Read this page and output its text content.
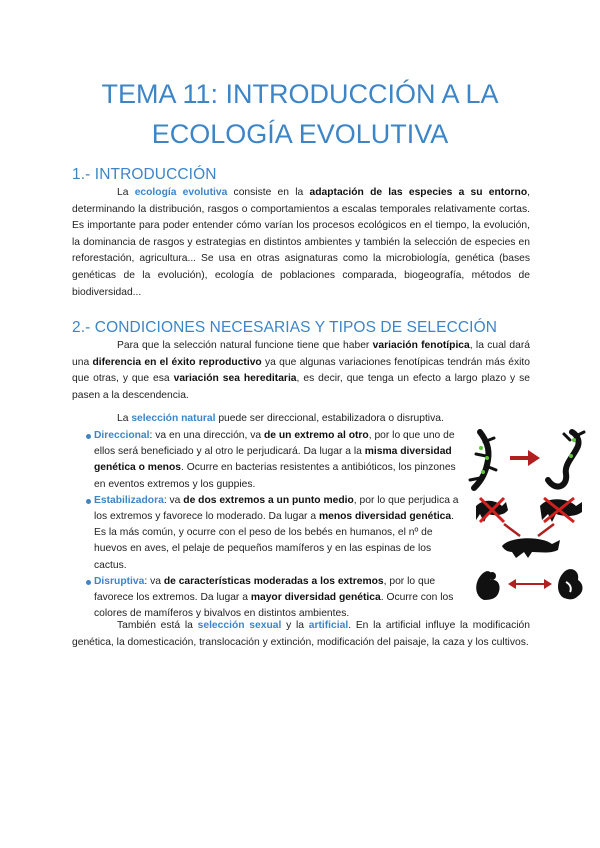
TEMA 11: INTRODUCCIÓN A LA
ECOLOGÍA EVOLUTIVA
1.- INTRODUCCIÓN

La ecología evolutiva consiste en la adaptación de las especies a su entorno, determinando la distribución, rasgos o comportamientos a escalas temporales relativamente cortas. Es importante para poder entender cómo varían los procesos ecológicos en el tiempo, la evolución, la dominancia de rasgos y estrategias en distintos ambientes y también la selección de especies en reforestación, agricultura... Se usa en otras asignaturas como la microbiología, genética (bases genéticas de la evolución), ecología de poblaciones comparada, biogeografía, métodos de biodiversidad...

2.- CONDICIONES NECESARIAS Y TIPOS DE SELECCIÓN

Para que la selección natural funcione tiene que haber variación fenotípica, la cual dará una diferencia en el éxito reproductivo ya que algunas variaciones fenotípicas tendrán más éxito que otras, y que esa variación sea hereditaria, es decir, que tenga un efecto a largo plazo y se pasen a la descendencia.

La selección natural puede ser direccional, estabilizadora o disruptiva.

Direccional: va en una dirección, va de un extremo al otro, por lo que uno de ellos será beneficiado y al otro le perjudicará. Da lugar a la misma diversidad genética o menos. Ocurre en bacterias resistentes a antibióticos, los pinzones en eventos extremos y los guppies.
Estabilizadora: va de dos extremos a un punto medio, por lo que perjudica a los extremos y favorece lo moderado. Da lugar a menos diversidad genética. Es la más común, y ocurre con el peso de los bebés en humanos, el nº de huevos en aves, el pelaje de pequeños mamíferos y en las espinas de los cactus.
Disruptiva: va de características moderadas a los extremos, por lo que favorece los extremos. Da lugar a mayor diversidad genética. Ocurre con los colores de mamíferos y bivalvos en distintos ambientes.

También está la selección sexual y la artificial. En la artificial influye la modificación genética, la domesticación, translocación y extinción, modificación del paisaje, la caza y los cultivos.
